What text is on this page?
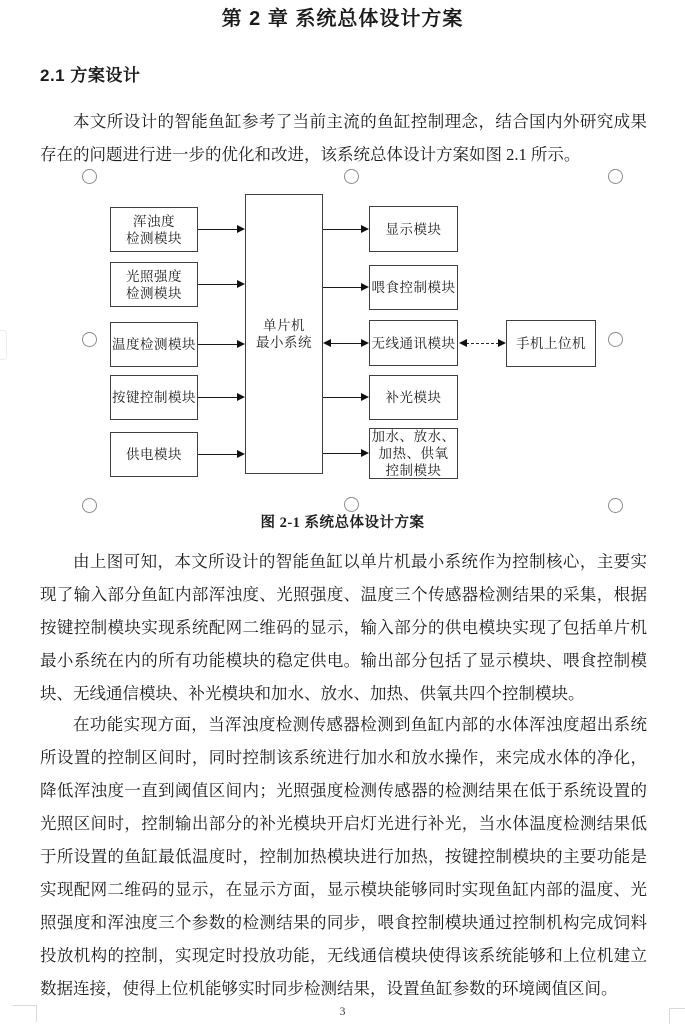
第 2 章 系统总体设计方案
2.1 方案设计
本文所设计的智能鱼缸参考了当前主流的鱼缸控制理念，结合国内外研究成果存在的问题进行进一步的优化和改进，该系统总体设计方案如图 2.1 所示。
浑浊度
检测模块
光照强度
检测模块
温度检测模块
按键控制模块
供电模块
单片机
最小系统
显示模块
喂食控制模块
无线通讯模块
补光模块
加水、放水、
加热、供氧
控制模块
手机上位机
图 2-1 系统总体设计方案
由上图可知，本文所设计的智能鱼缸以单片机最小系统作为控制核心，主要实现了输入部分鱼缸内部浑浊度、光照强度、温度三个传感器检测结果的采集，根据按键控制模块实现系统配网二维码的显示，输入部分的供电模块实现了包括单片机最小系统在内的所有功能模块的稳定供电。输出部分包括了显示模块、喂食控制模块、无线通信模块、补光模块和加水、放水、加热、供氧共四个控制模块。
在功能实现方面，当浑浊度检测传感器检测到鱼缸内部的水体浑浊度超出系统所设置的控制区间时，同时控制该系统进行加水和放水操作，来完成水体的净化，降低浑浊度一直到阈值区间内；光照强度检测传感器的检测结果在低于系统设置的光照区间时，控制输出部分的补光模块开启灯光进行补光，当水体温度检测结果低于所设置的鱼缸最低温度时，控制加热模块进行加热，按键控制模块的主要功能是实现配网二维码的显示，在显示方面，显示模块能够同时实现鱼缸内部的温度、光照强度和浑浊度三个参数的检测结果的同步，喂食控制模块通过控制机构完成饲料投放机构的控制，实现定时投放功能，无线通信模块使得该系统能够和上位机建立数据连接，使得上位机能够实时同步检测结果，设置鱼缸参数的环境阈值区间。
3
